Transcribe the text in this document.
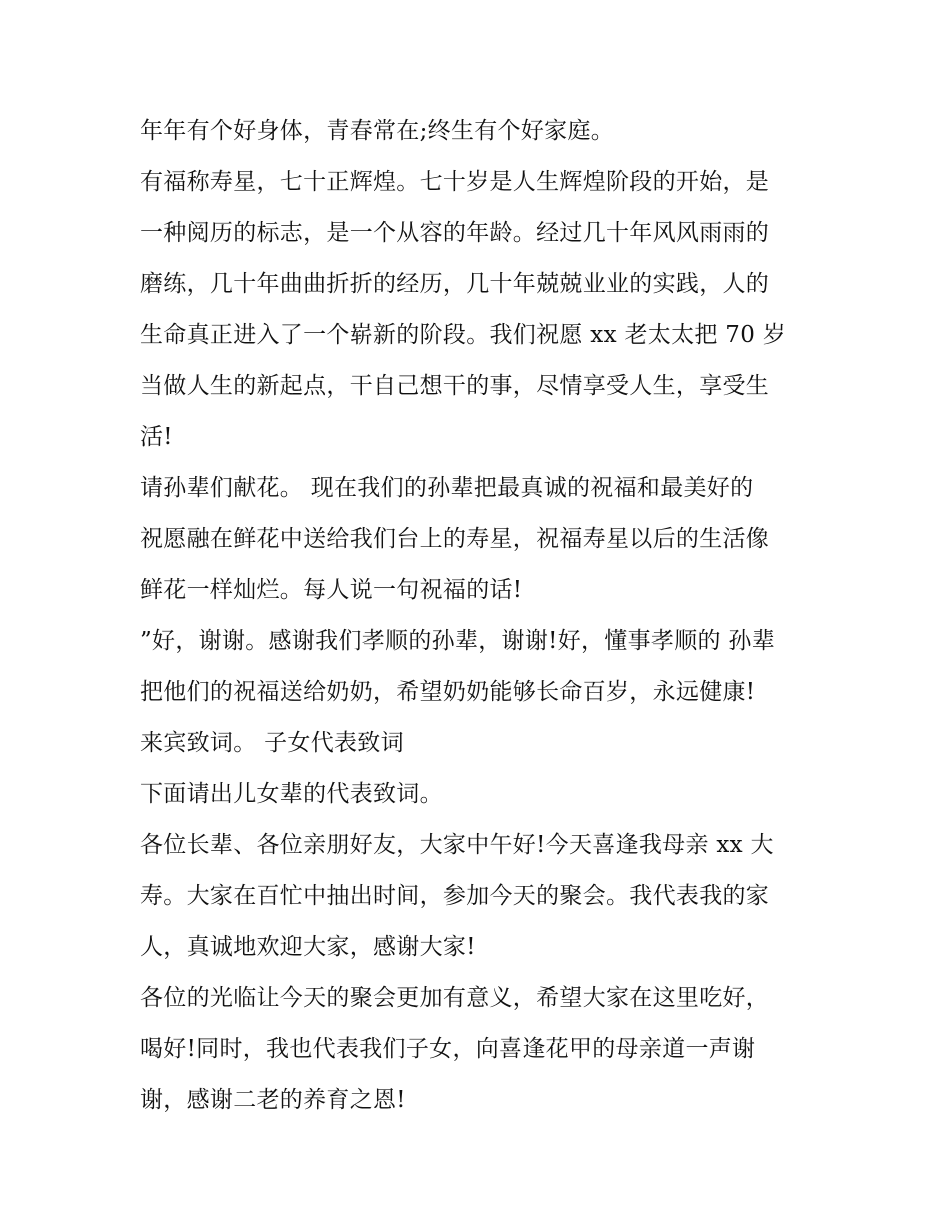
年年有个好身体，青春常在;终生有个好家庭。
有福称寿星，七十正辉煌。七十岁是人生辉煌阶段的开始，是
一种阅历的标志，是一个从容的年龄。经过几十年风风雨雨的
磨练，几十年曲曲折折的经历，几十年兢兢业业的实践，人的
生命真正进入了一个崭新的阶段。我们祝愿 xx 老太太把 70 岁
当做人生的新起点，干自己想干的事，尽情享受人生，享受生
活!
请孙辈们献花。 现在我们的孙辈把最真诚的祝福和最美好的
祝愿融在鲜花中送给我们台上的寿星，祝福寿星以后的生活像
鲜花一样灿烂。每人说一句祝福的话!
”好，谢谢。感谢我们孝顺的孙辈，谢谢!好，懂事孝顺的 孙辈
把他们的祝福送给奶奶，希望奶奶能够长命百岁，永远健康!
来宾致词。 子女代表致词
下面请出儿女辈的代表致词。
各位长辈、各位亲朋好友，大家中午好!今天喜逢我母亲 xx 大
寿。大家在百忙中抽出时间，参加今天的聚会。我代表我的家
人，真诚地欢迎大家，感谢大家!
各位的光临让今天的聚会更加有意义，希望大家在这里吃好，
喝好!同时，我也代表我们子女，向喜逢花甲的母亲道一声谢
谢，感谢二老的养育之恩!
